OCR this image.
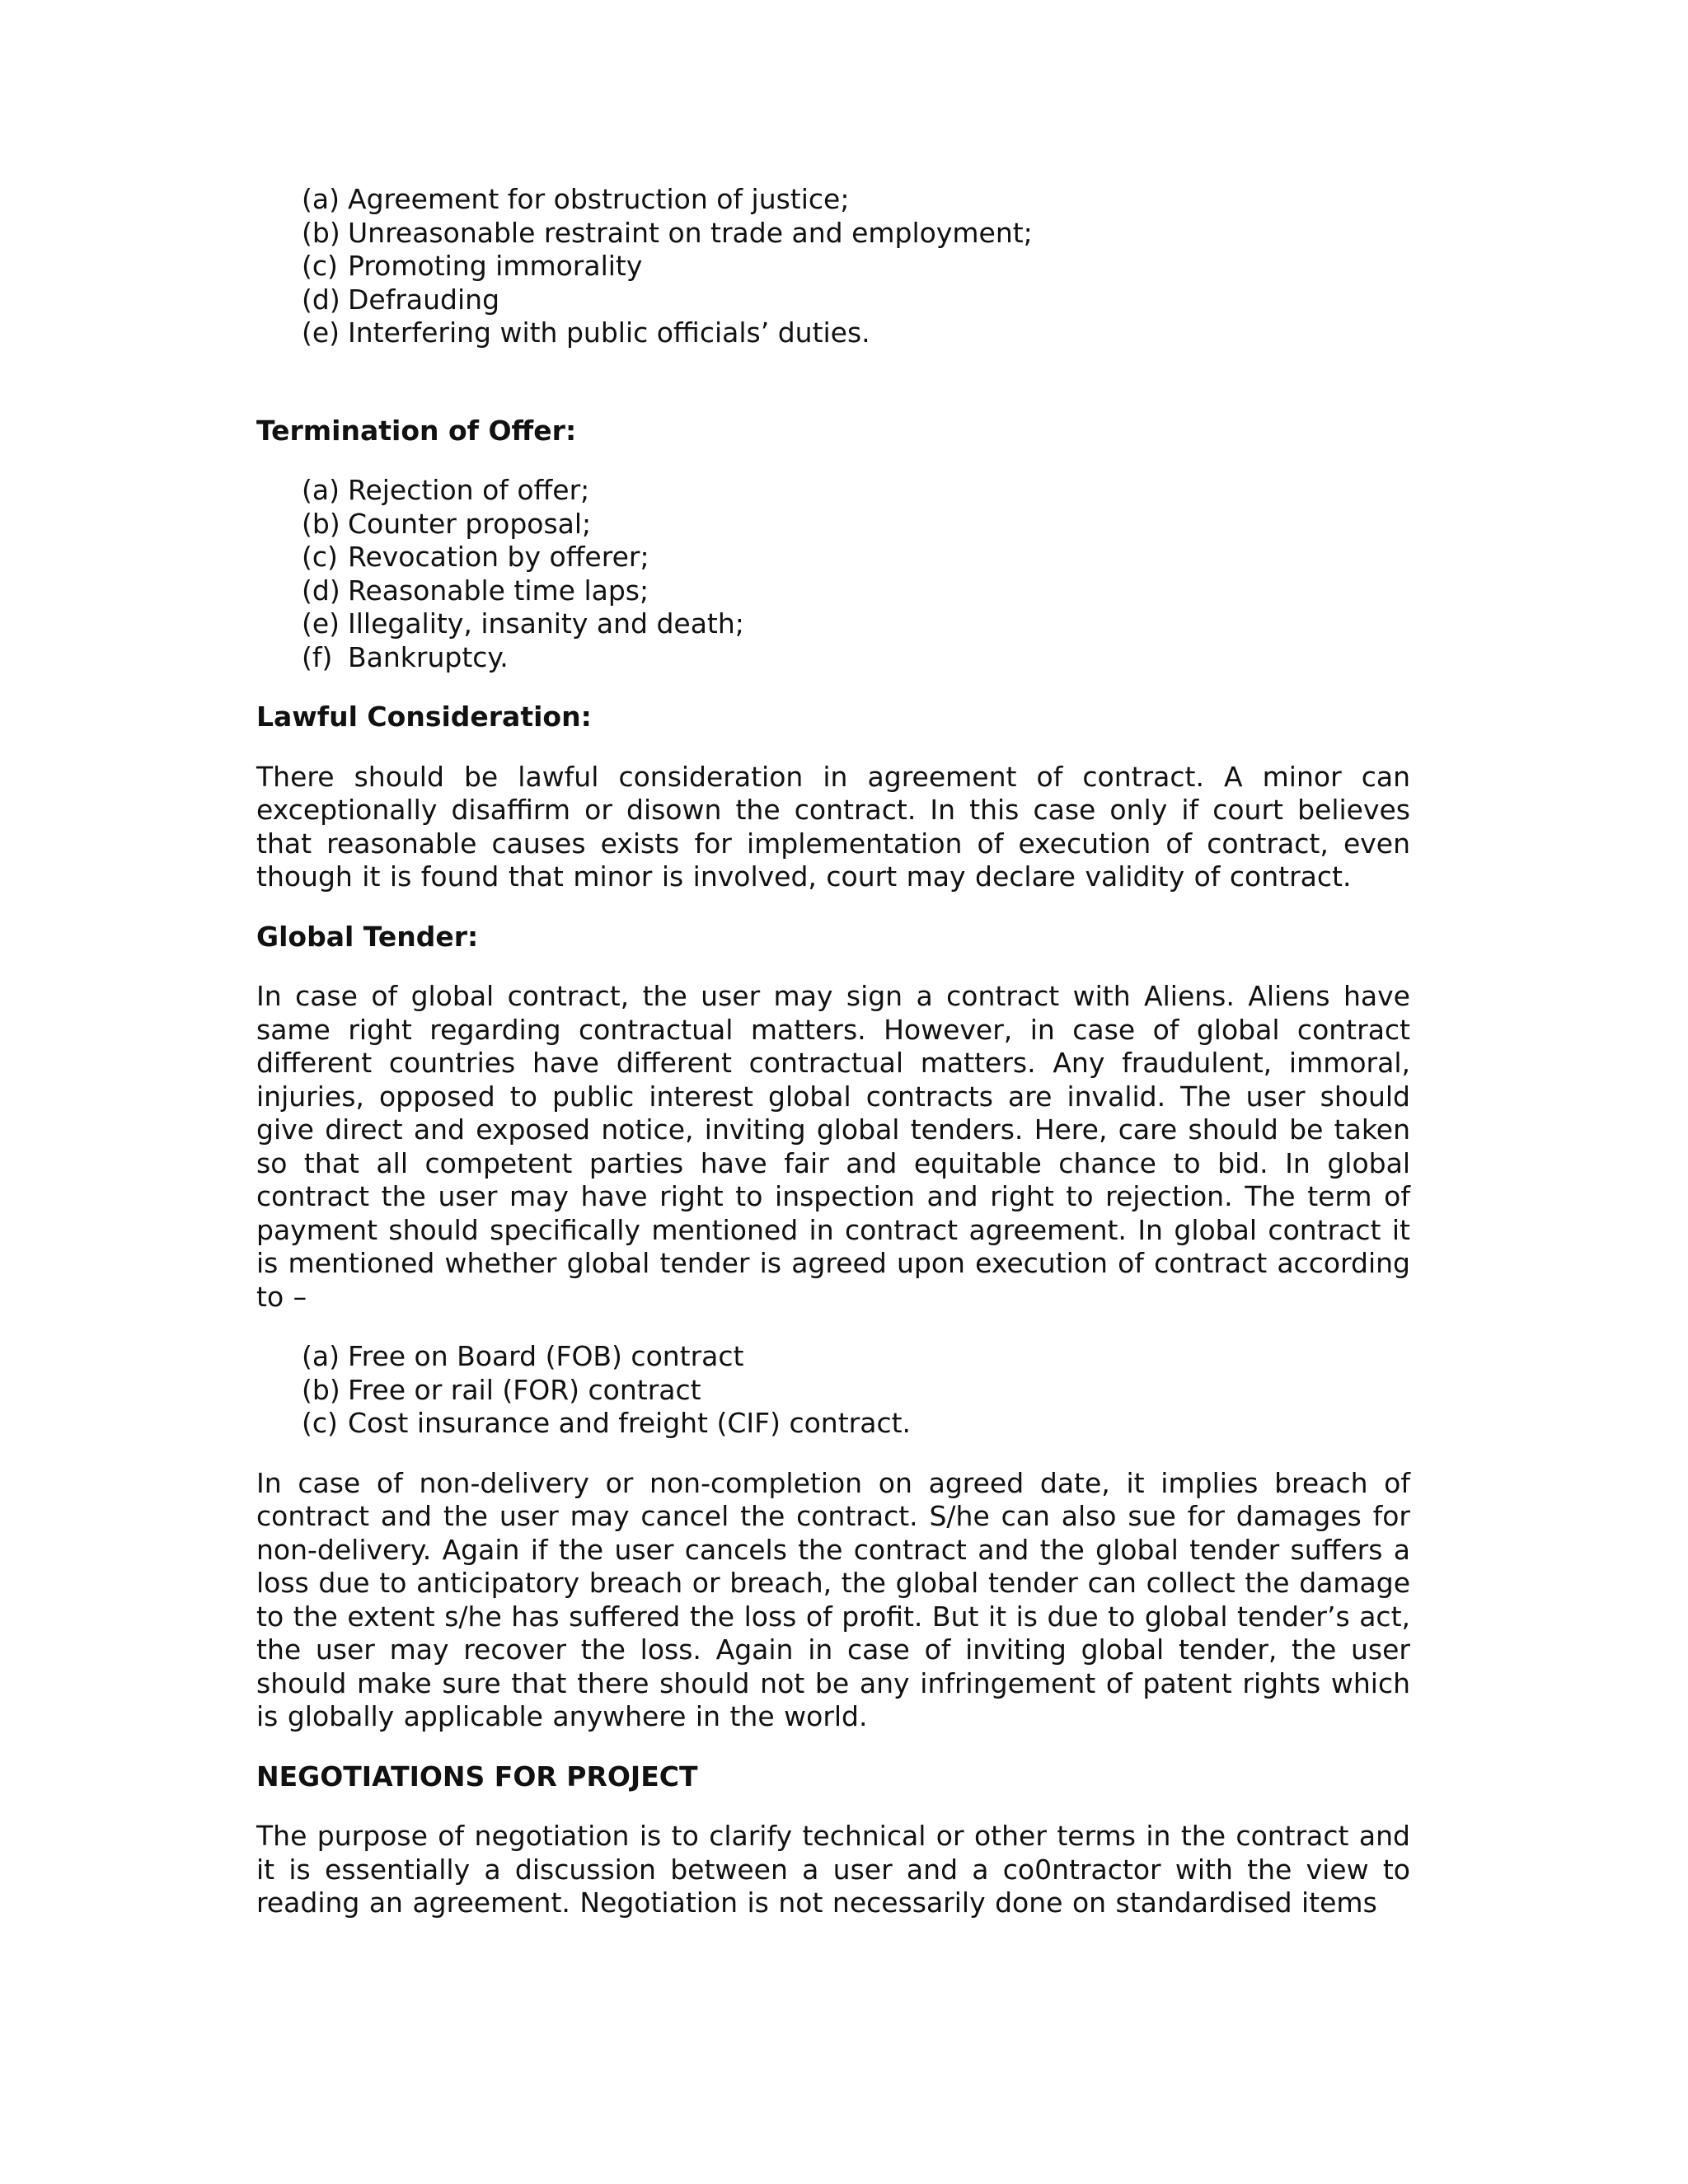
(a) Agreement for obstruction of justice;
(b) Unreasonable restraint on trade and employment;
(c) Promoting immorality
(d) Defrauding
(e) Interfering with public officials’ duties.

Termination of Offer:

(a) Rejection of offer;
(b) Counter proposal;
(c) Revocation by offerer;
(d) Reasonable time laps;
(e) Illegality, insanity and death;
(f) Bankruptcy.

Lawful Consideration:

There should be lawful consideration in agreement of contract. A minor can exceptionally disaffirm or disown the contract. In this case only if court believes that reasonable causes exists for implementation of execution of contract, even though it is found that minor is involved, court may declare validity of contract.

Global Tender:

In case of global contract, the user may sign a contract with Aliens. Aliens have same right regarding contractual matters. However, in case of global contract different countries have different contractual matters. Any fraudulent, immoral, injuries, opposed to public interest global contracts are invalid. The user should give direct and exposed notice, inviting global tenders. Here, care should be taken so that all competent parties have fair and equitable chance to bid. In global contract the user may have right to inspection and right to rejection. The term of payment should specifically mentioned in contract agreement. In global contract it is mentioned whether global tender is agreed upon execution of contract according to –

(a) Free on Board (FOB) contract
(b) Free or rail (FOR) contract
(c) Cost insurance and freight (CIF) contract.

In case of non-delivery or non-completion on agreed date, it implies breach of contract and the user may cancel the contract. S/he can also sue for damages for non-delivery. Again if the user cancels the contract and the global tender suffers a loss due to anticipatory breach or breach, the global tender can collect the damage to the extent s/he has suffered the loss of profit. But it is due to global tender’s act, the user may recover the loss. Again in case of inviting global tender, the user should make sure that there should not be any infringement of patent rights which is globally applicable anywhere in the world.

NEGOTIATIONS FOR PROJECT

The purpose of negotiation is to clarify technical or other terms in the contract and it is essentially a discussion between a user and a co0ntractor with the view to reading an agreement. Negotiation is not necessarily done on standardised items
